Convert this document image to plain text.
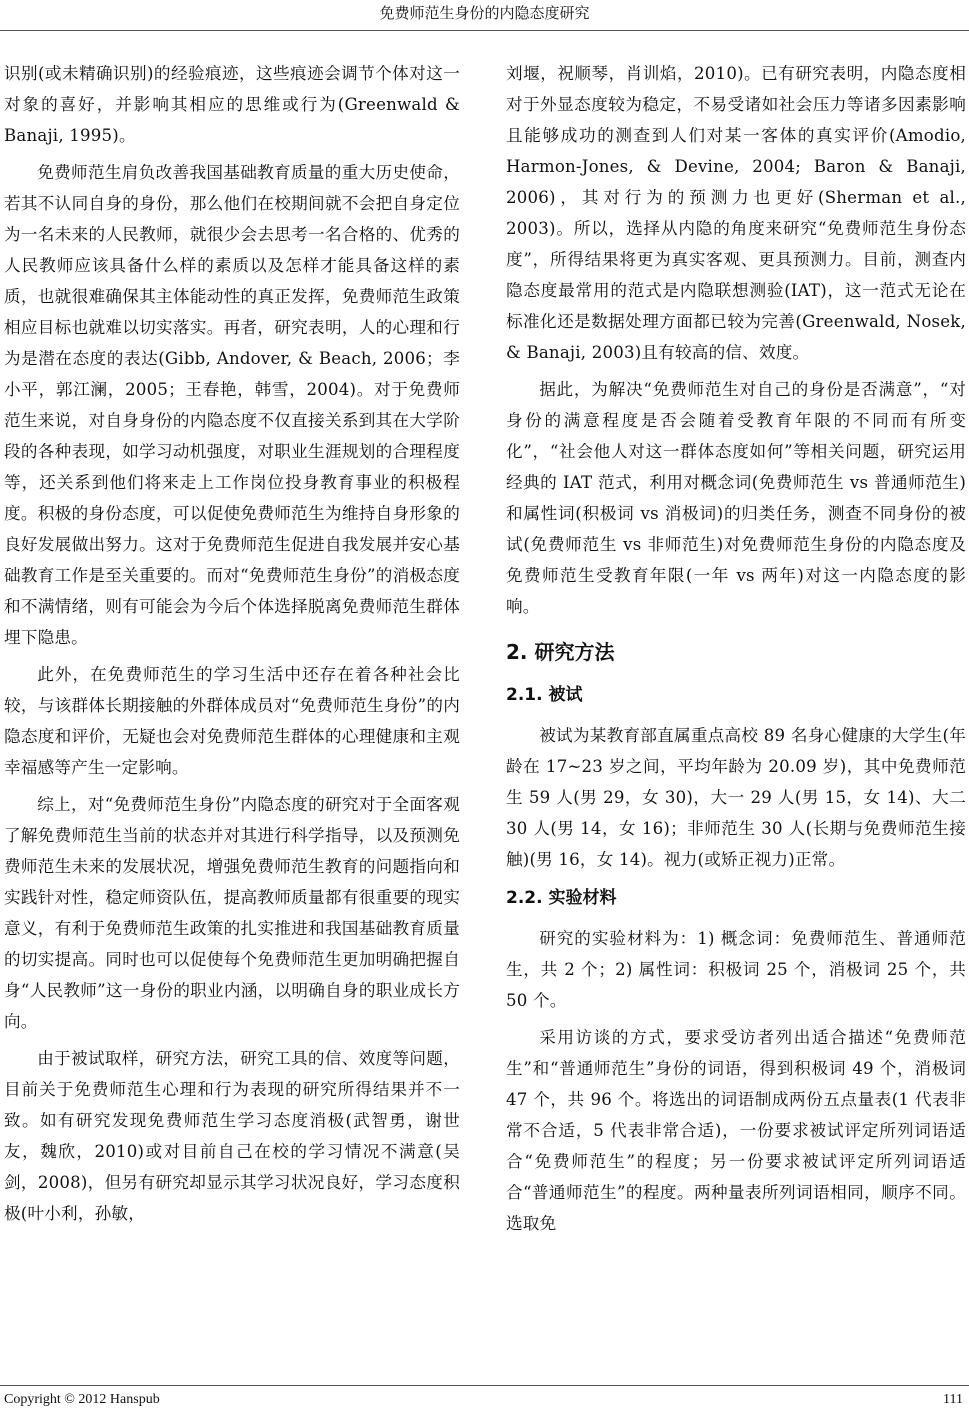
免费师范生身份的内隐态度研究

识别(或未精确识别)的经验痕迹，这些痕迹会调节个体对这一对象的喜好，并影响其相应的思维或行为(Greenwald & Banaji, 1995)。

免费师范生肩负改善我国基础教育质量的重大历史使命，若其不认同自身的身份，那么他们在校期间就不会把自身定位为一名未来的人民教师，就很少会去思考一名合格的、优秀的人民教师应该具备什么样的素质以及怎样才能具备这样的素质，也就很难确保其主体能动性的真正发挥，免费师范生政策相应目标也就难以切实落实。再者，研究表明，人的心理和行为是潜在态度的表达(Gibb, Andover, & Beach, 2006；李小平，郭江澜，2005；王春艳，韩雪，2004)。对于免费师范生来说，对自身身份的内隐态度不仅直接关系到其在大学阶段的各种表现，如学习动机强度，对职业生涯规划的合理程度等，还关系到他们将来走上工作岗位投身教育事业的积极程度。积极的身份态度，可以促使免费师范生为维持自身形象的良好发展做出努力。这对于免费师范生促进自我发展并安心基础教育工作是至关重要的。而对“免费师范生身份”的消极态度和不满情绪，则有可能会为今后个体选择脱离免费师范生群体埋下隐患。

此外，在免费师范生的学习生活中还存在着各种社会比较，与该群体长期接触的外群体成员对“免费师范生身份”的内隐态度和评价，无疑也会对免费师范生群体的心理健康和主观幸福感等产生一定影响。

综上，对“免费师范生身份”内隐态度的研究对于全面客观了解免费师范生当前的状态并对其进行科学指导，以及预测免费师范生未来的发展状况，增强免费师范生教育的问题指向和实践针对性，稳定师资队伍，提高教师质量都有很重要的现实意义，有利于免费师范生政策的扎实推进和我国基础教育质量的切实提高。同时也可以促使每个免费师范生更加明确把握自身“人民教师”这一身份的职业内涵，以明确自身的职业成长方向。

由于被试取样，研究方法，研究工具的信、效度等问题，目前关于免费师范生心理和行为表现的研究所得结果并不一致。如有研究发现免费师范生学习态度消极(武智勇，谢世友，魏欣，2010)或对目前自己在校的学习情况不满意(吴剑，2008)，但另有研究却显示其学习状况良好，学习态度积极(叶小利，孙敏，

刘堰，祝顺琴，肖训焰，2010)。已有研究表明，内隐态度相对于外显态度较为稳定，不易受诸如社会压力等诸多因素影响且能够成功的测查到人们对某一客体的真实评价(Amodio, Harmon-Jones, & Devine, 2004; Baron & Banaji, 2006)，其对行为的预测力也更好(Sherman et al., 2003)。所以，选择从内隐的角度来研究“免费师范生身份态度”，所得结果将更为真实客观、更具预测力。目前，测查内隐态度最常用的范式是内隐联想测验(IAT)，这一范式无论在标准化还是数据处理方面都已较为完善(Greenwald, Nosek, & Banaji, 2003)且有较高的信、效度。

据此，为解决“免费师范生对自己的身份是否满意”，“对身份的满意程度是否会随着受教育年限的不同而有所变化”，“社会他人对这一群体态度如何”等相关问题，研究运用经典的 IAT 范式，利用对概念词(免费师范生 vs 普通师范生)和属性词(积极词 vs 消极词)的归类任务，测查不同身份的被试(免费师范生 vs 非师范生)对免费师范生身份的内隐态度及免费师范生受教育年限(一年 vs 两年)对这一内隐态度的影响。

2. 研究方法
2.1. 被试

被试为某教育部直属重点高校 89 名身心健康的大学生(年龄在 17~23 岁之间，平均年龄为 20.09 岁)，其中免费师范生 59 人(男 29，女 30)，大一 29 人(男 15，女 14)、大二 30 人(男 14，女 16)；非师范生 30 人(长期与免费师范生接触)(男 16，女 14)。视力(或矫正视力)正常。

2.2. 实验材料

研究的实验材料为：1) 概念词：免费师范生、普通师范生，共 2 个；2) 属性词：积极词 25 个，消极词 25 个，共 50 个。

采用访谈的方式，要求受访者列出适合描述“免费师范生”和“普通师范生”身份的词语，得到积极词 49 个，消极词 47 个，共 96 个。将选出的词语制成两份五点量表(1 代表非常不合适，5 代表非常合适)，一份要求被试评定所列词语适合“免费师范生”的程度；另一份要求被试评定所列词语适合“普通师范生”的程度。两种量表所列词语相同，顺序不同。选取免

Copyright © 2012 Hanspub	111
